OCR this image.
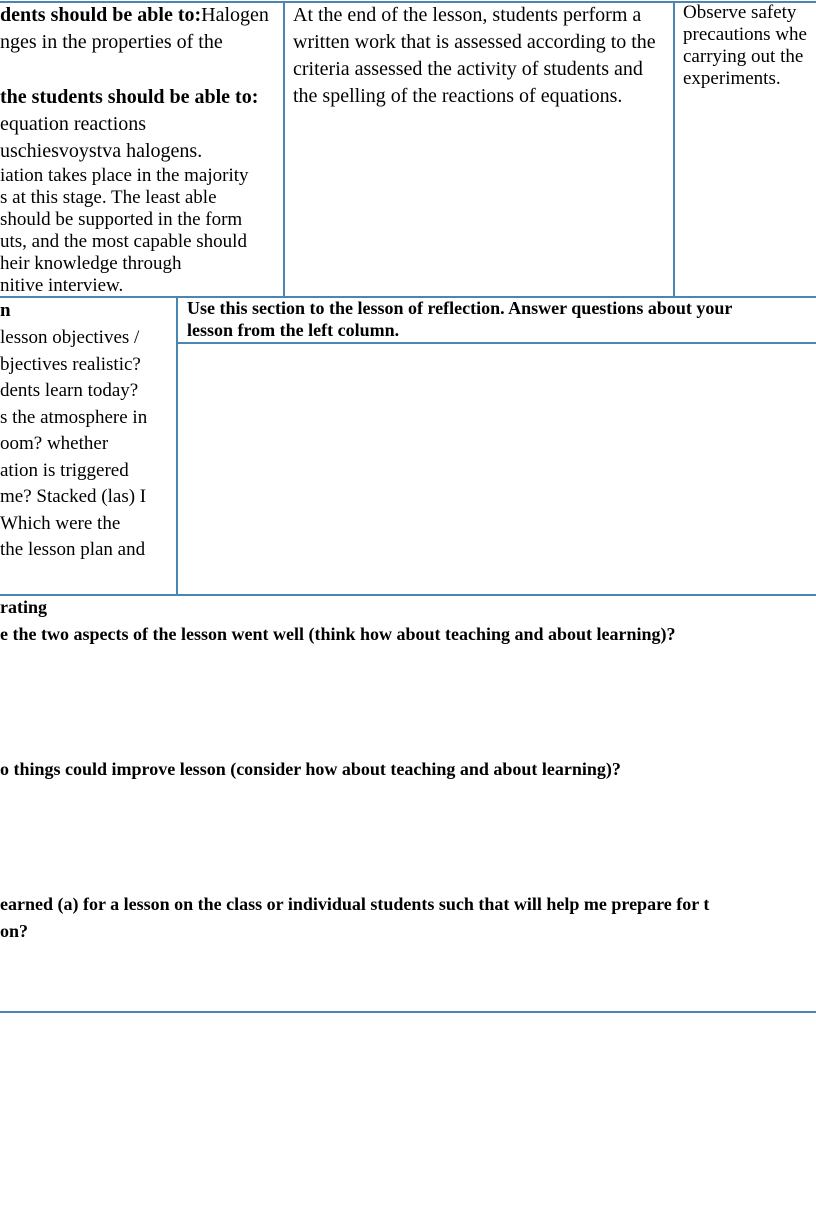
dents should be able to:Halogen

nges in the properties of the

the students should be able to:

equation reactions

uschiesvoystva halogens.

iation takes place in the majority

s at this stage. The least able

should be supported in the form

uts, and the most capable should

heir knowledge through

nitive interview.

At the end of the lesson, students perform a

written work that is assessed according to the

criteria assessed the activity of students and

the spelling of the reactions of equations.

Observe safety

precautions whe

carrying out the

experiments.

n

lesson objectives /

bjectives realistic?

dents learn today?

s the atmosphere in

oom? whether

ation is triggered

me? Stacked (las) I

Which were the

the lesson plan and

Use this section to the lesson of reflection. Answer questions about your

lesson from the left column.

rating

e the two aspects of the lesson went well (think how about teaching and about learning)?

o things could improve lesson (consider how about teaching and about learning)?

earned (a) for a lesson on the class or individual students such that will help me prepare for t

on?
